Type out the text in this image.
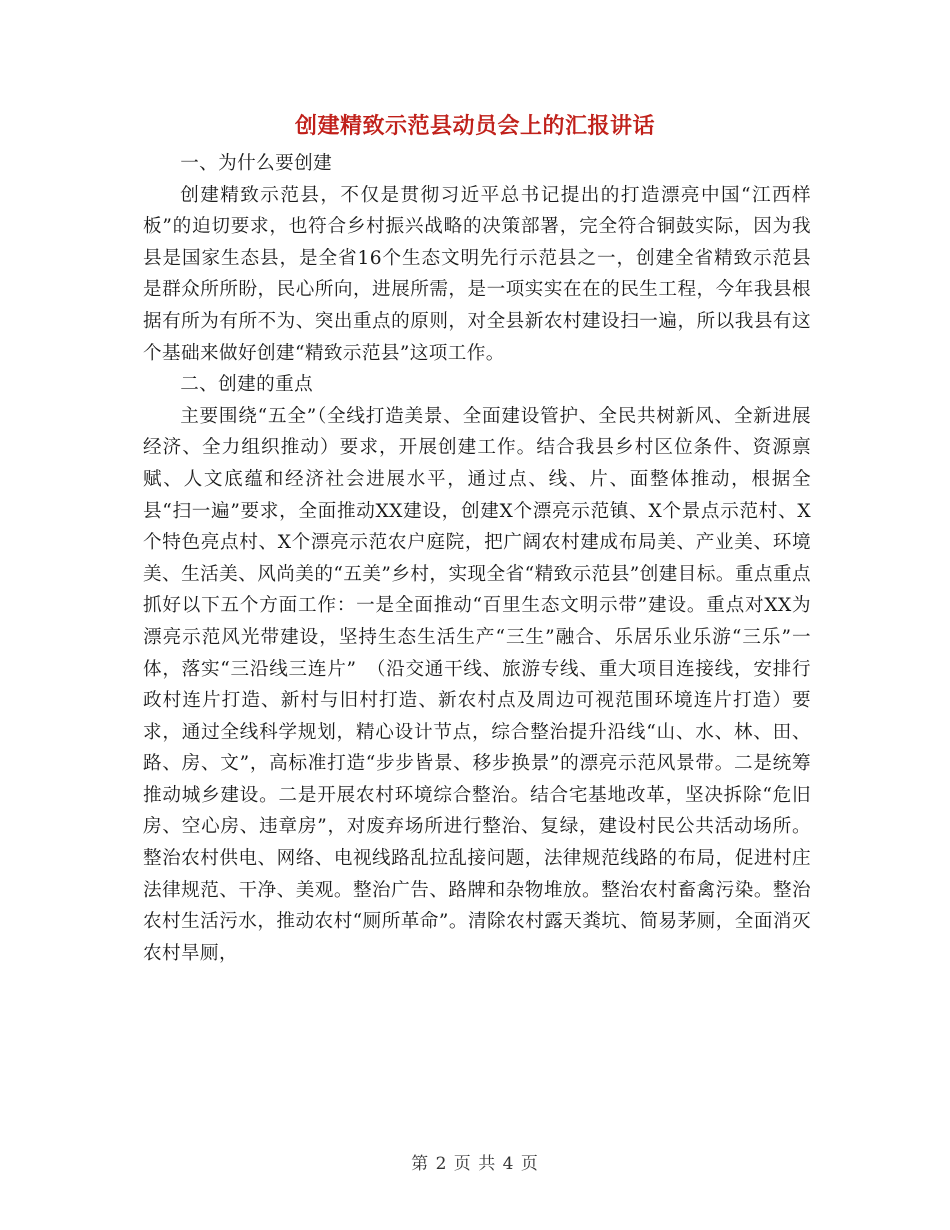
创建精致示范县动员会上的汇报讲话

一、为什么要创建

创建精致示范县，不仅是贯彻习近平总书记提出的打造漂亮中国“江西样板”的迫切要求，也符合乡村振兴战略的决策部署，完全符合铜鼓实际，因为我县是国家生态县，是全省16个生态文明先行示范县之一，创建全省精致示范县是群众所所盼，民心所向，进展所需，是一项实实在在的民生工程，今年我县根据有所为有所不为、突出重点的原则，对全县新农村建设扫一遍，所以我县有这个基础来做好创建“精致示范县”这项工作。

二、创建的重点

主要围绕“五全”（全线打造美景、全面建设管护、全民共树新风、全新进展经济、全力组织推动）要求，开展创建工作。结合我县乡村区位条件、资源禀赋、人文底蕴和经济社会进展水平，通过点、线、片、面整体推动，根据全县“扫一遍”要求，全面推动XX建设，创建X个漂亮示范镇、X个景点示范村、X个特色亮点村、X个漂亮示范农户庭院，把广阔农村建成布局美、产业美、环境美、生活美、风尚美的“五美”乡村，实现全省“精致示范县”创建目标。重点重点抓好以下五个方面工作：一是全面推动“百里生态文明示带”建设。重点对XX为漂亮示范风光带建设，坚持生态生活生产“三生”融合、乐居乐业乐游“三乐”一体，落实“三沿线三连片”　（沿交通干线、旅游专线、重大项目连接线，安排行政村连片打造、新村与旧村打造、新农村点及周边可视范围环境连片打造）要求，通过全线科学规划，精心设计节点，综合整治提升沿线“山、水、林、田、路、房、文”，高标准打造“步步皆景、移步换景”的漂亮示范风景带。二是统筹推动城乡建设。二是开展农村环境综合整治。结合宅基地改革，坚决拆除“危旧房、空心房、违章房”，对废弃场所进行整治、复绿，建设村民公共活动场所。整治农村供电、网络、电视线路乱拉乱接问题，法律规范线路的布局，促进村庄法律规范、干净、美观。整治广告、路牌和杂物堆放。整治农村畜禽污染。整治农村生活污水，推动农村“厕所革命”。清除农村露天粪坑、简易茅厕，全面消灭农村旱厕，

第 2 页 共 4 页
